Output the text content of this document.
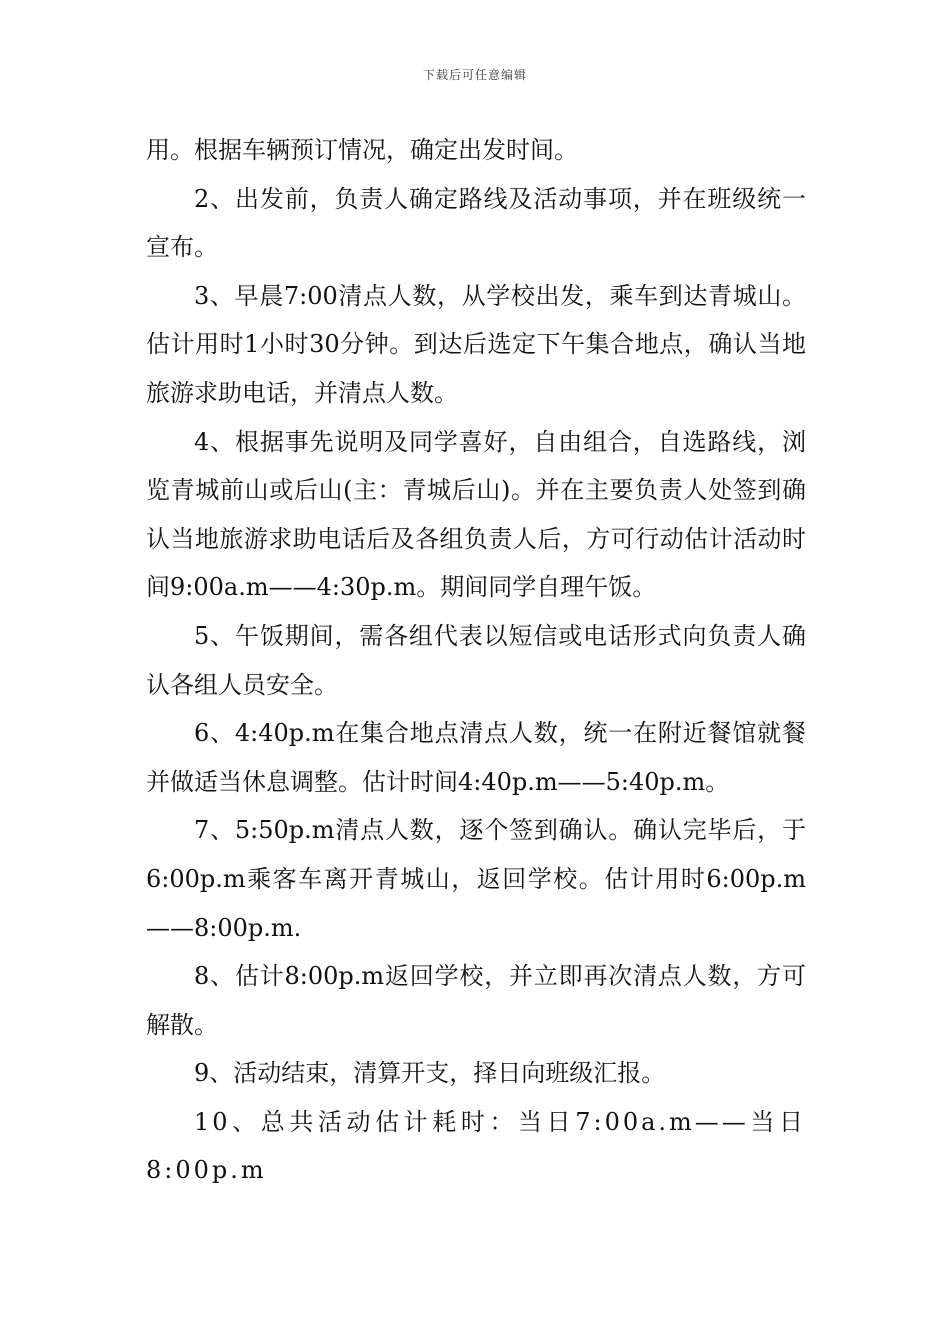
下载后可任意编辑

用。根据车辆预订情况，确定出发时间。

2、出发前，负责人确定路线及活动事项，并在班级统一宣布。

3、早晨7:00清点人数，从学校出发，乘车到达青城山。估计用时1小时30分钟。到达后选定下午集合地点，确认当地旅游求助电话，并清点人数。

4、根据事先说明及同学喜好，自由组合，自选路线，浏览青城前山或后山(主：青城后山)。并在主要负责人处签到确认当地旅游求助电话后及各组负责人后，方可行动估计活动时间9:00a.m——4:30p.m。期间同学自理午饭。

5、午饭期间，需各组代表以短信或电话形式向负责人确认各组人员安全。

6、4:40p.m在集合地点清点人数，统一在附近餐馆就餐并做适当休息调整。估计时间4:40p.m——5:40p.m。

7、5:50p.m清点人数，逐个签到确认。确认完毕后，于6:00p.m乘客车离开青城山，返回学校。估计用时6:00p.m——8:00p.m.

8、估计8:00p.m返回学校，并立即再次清点人数，方可解散。

9、活动结束，清算开支，择日向班级汇报。

10、总共活动估计耗时：当日7:00a.m——当日8:00p.m
